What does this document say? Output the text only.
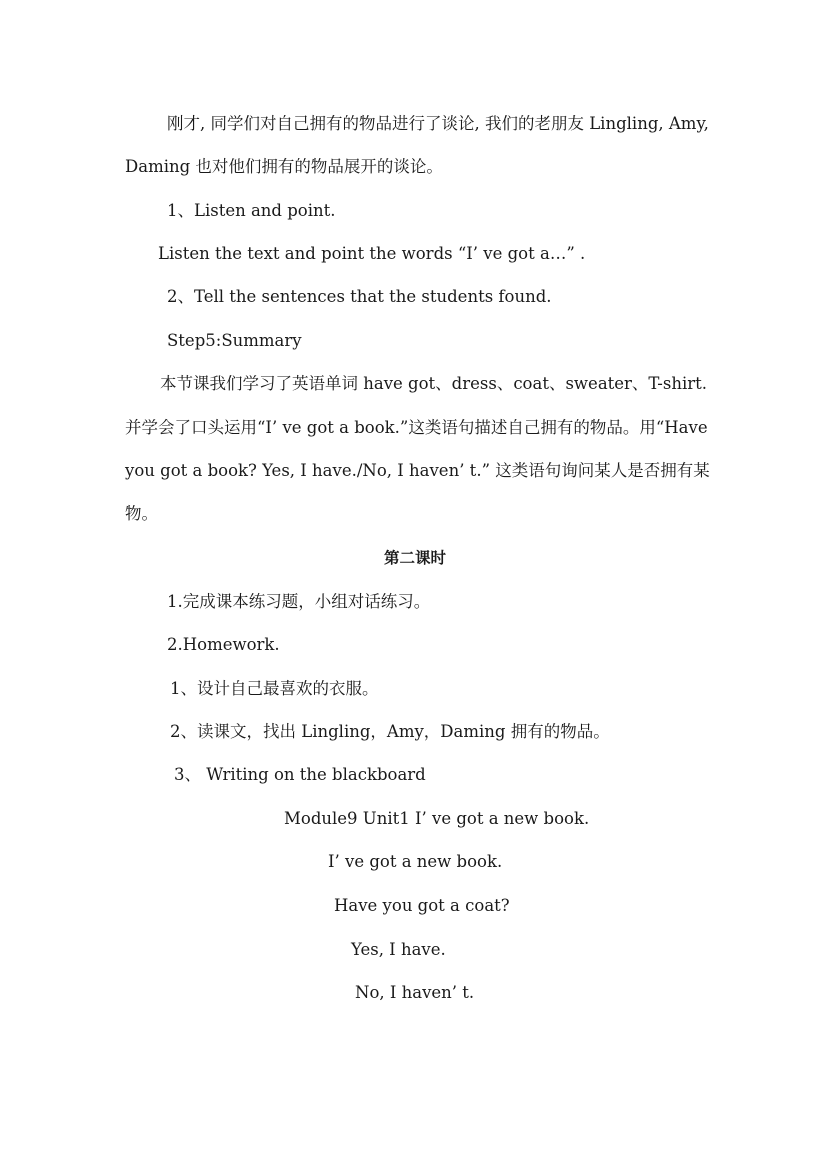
刚才, 同学们对自己拥有的物品进行了谈论, 我们的老朋友 Lingling, Amy,
Daming 也对他们拥有的物品展开的谈论。
1、Listen and point.
Listen the text and point the words “I’ ve got a…” .
2、Tell the sentences that the students found.
Step5:Summary
本节课我们学习了英语单词 have got、dress、coat、sweater、T-shirt.
并学会了口头运用“I’ ve got a book.”这类语句描述自己拥有的物品。用“Have
you got a book? Yes, I have./No, I haven’ t.” 这类语句询问某人是否拥有某
物。
第二课时
1.完成课本练习题，小组对话练习。
2.Homework.
1、设计自己最喜欢的衣服。
2、读课文，找出 Lingling，Amy，Daming 拥有的物品。
3、 Writing on the blackboard
Module9 Unit1 I’ ve got a new book.
I’ ve got a new book.
Have you got a coat?
Yes, I have.
No, I haven’ t.
